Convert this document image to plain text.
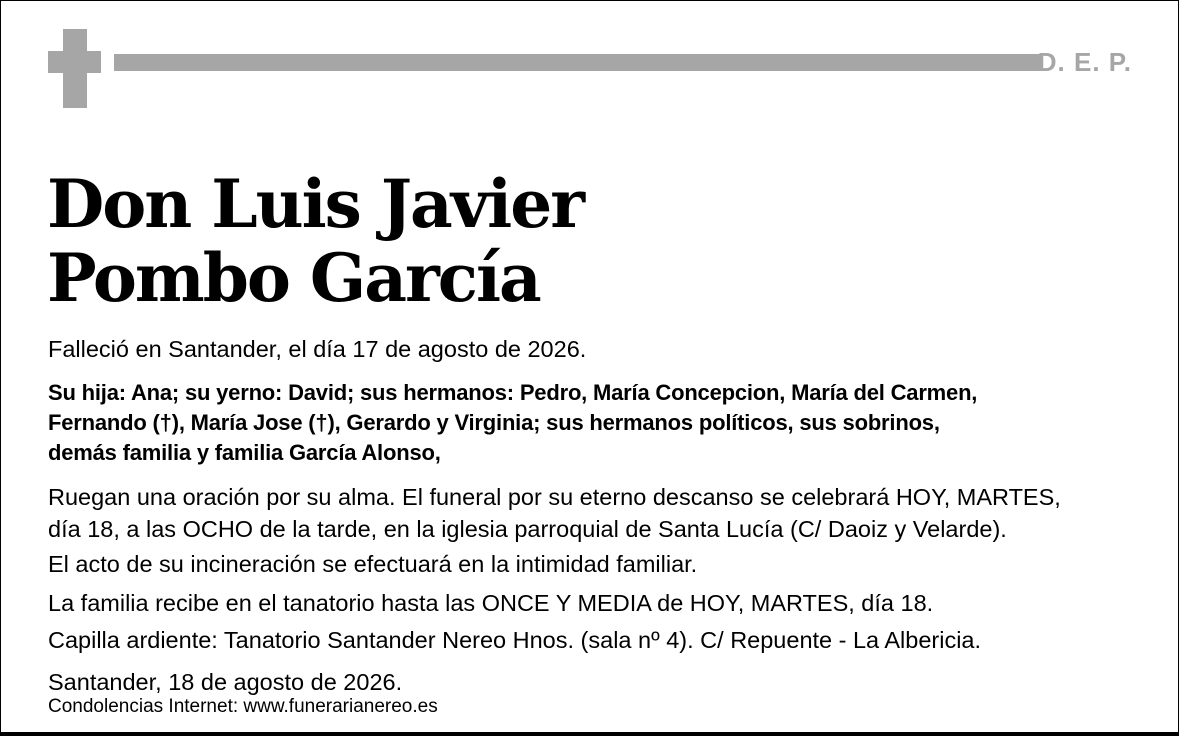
D. E. P.
Don Luis Javier
Pombo García
Falleció en Santander, el día 17 de agosto de 2026.
Su hija: Ana; su yerno: David; sus hermanos: Pedro, María Concepcion, María del Carmen,
Fernando (†), María Jose (†), Gerardo y Virginia; sus hermanos políticos, sus sobrinos,
demás familia y familia García Alonso,
Ruegan una oración por su alma. El funeral por su eterno descanso se celebrará HOY, MARTES,
día 18, a las OCHO de la tarde, en la iglesia parroquial de Santa Lucía (C/ Daoiz y Velarde).
El acto de su incineración se efectuará en la intimidad familiar.
La familia recibe en el tanatorio hasta las ONCE Y MEDIA de HOY, MARTES, día 18.
Capilla ardiente: Tanatorio Santander Nereo Hnos. (sala nº 4). C/ Repuente - La Albericia.
Santander, 18 de agosto de 2026.
Condolencias Internet: www.funerarianereo.es
